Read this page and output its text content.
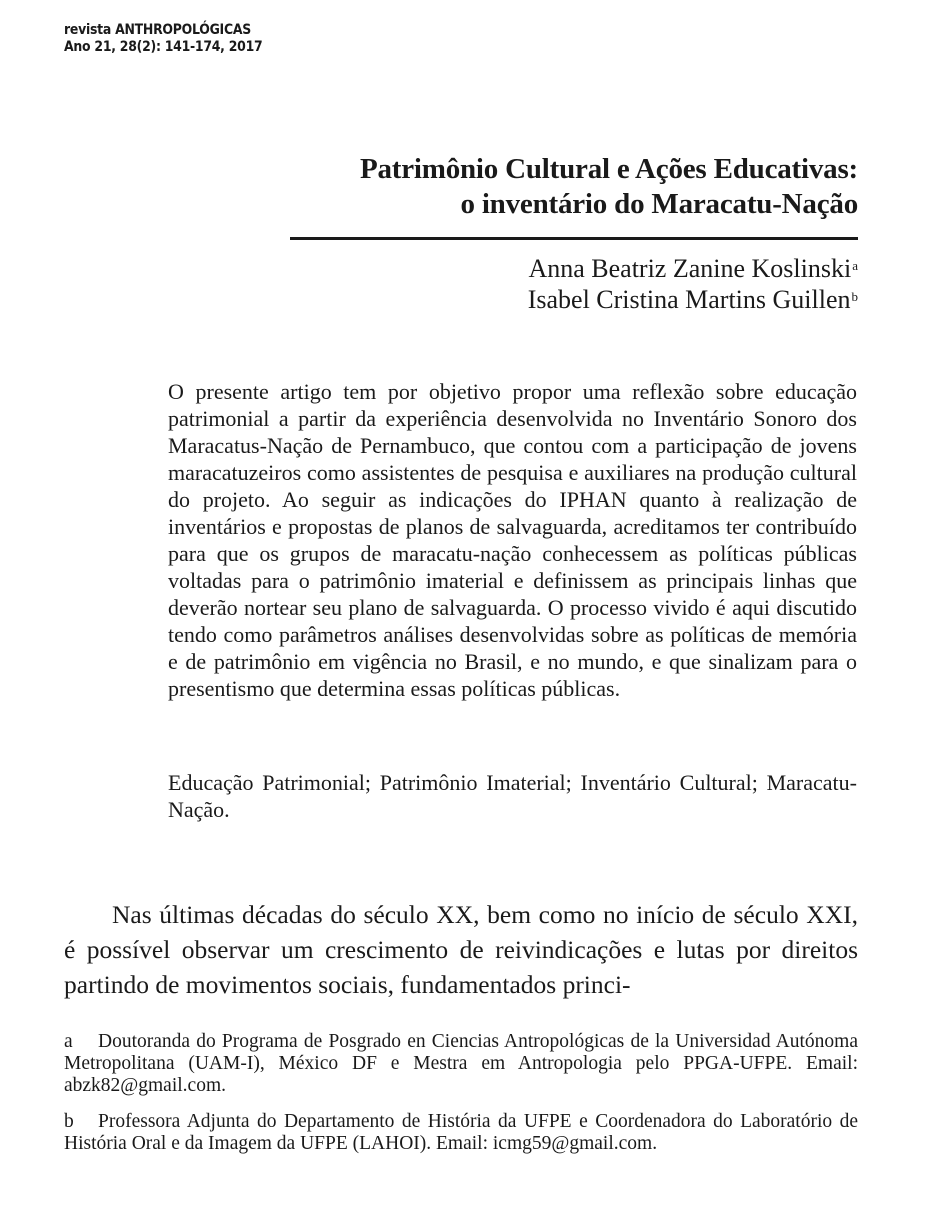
revista ANTHROPOLÓGICAS
Ano 21, 28(2): 141-174, 2017
Patrimônio Cultural e Ações Educativas:
o inventário do Maracatu-Nação
Anna Beatriz Zanine Koslinski$^a$
Isabel Cristina Martins Guillen$^b$

O presente artigo tem por objetivo propor uma reflexão sobre educação patrimonial a partir da experiência desenvolvida no Inventário Sonoro dos Maracatus-Nação de Pernambuco, que contou com a participação de jovens maracatuzeiros como assistentes de pesquisa e auxiliares na produção cultural do projeto. Ao seguir as indicações do IPHAN quanto à realização de inventários e propostas de planos de salvaguarda, acreditamos ter contribuído para que os grupos de maracatu-nação conhecessem as políticas públicas voltadas para o patrimônio imaterial e definissem as principais linhas que deverão nortear seu plano de salvaguarda. O processo vivido é aqui discutido tendo como parâmetros análises desenvolvidas sobre as políticas de memória e de patrimônio em vigência no Brasil, e no mundo, e que sinalizam para o presentismo que determina essas políticas públicas.

Educação Patrimonial; Patrimônio Imaterial; Inventário Cultural; Maracatu-Nação.

Nas últimas décadas do século XX, bem como no início de século XXI, é possível observar um crescimento de reivindicações e lutas por direitos partindo de movimentos sociais, fundamentados princi-

a Doutoranda do Programa de Posgrado en Ciencias Antropológicas de la Universidad Autónoma Metropolitana (UAM-I), México DF e Mestra em Antropologia pelo PPGA-UFPE. Email: abzk82@gmail.com.

b Professora Adjunta do Departamento de História da UFPE e Coordenadora do Laboratório de História Oral e da Imagem da UFPE (LAHOI). Email: icmg59@gmail.com.
